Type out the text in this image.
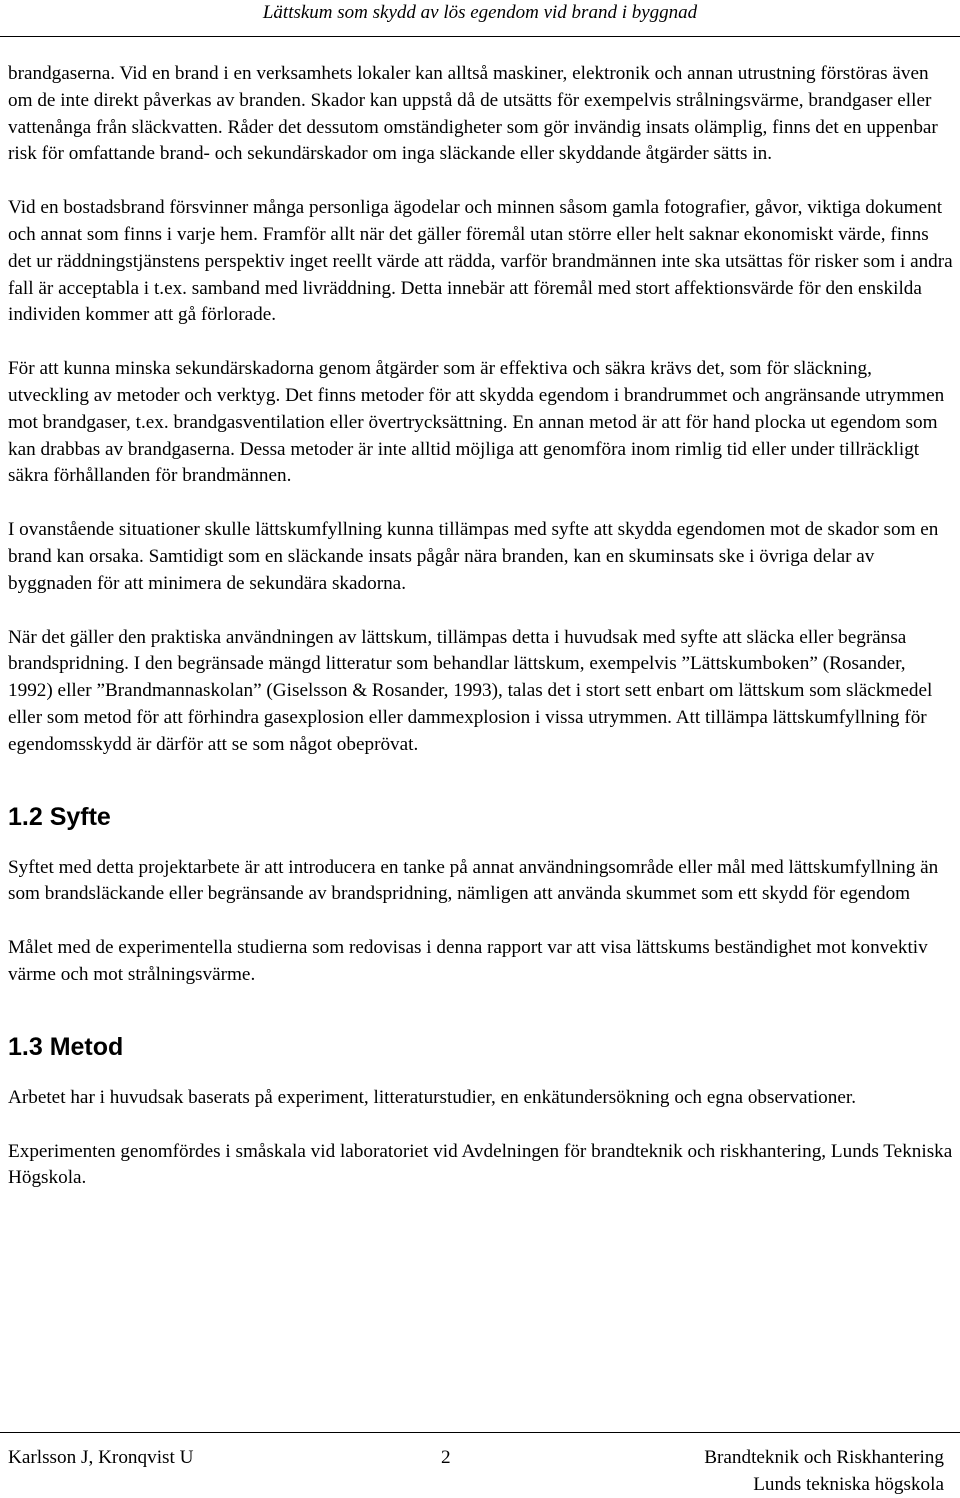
Lättskum som skydd av lös egendom vid brand i byggnad

brandgaserna. Vid en brand i en verksamhets lokaler kan alltså maskiner, elektronik och annan utrustning förstöras även om de inte direkt påverkas av branden. Skador kan uppstå då de utsätts för exempelvis strålningsvärme, brandgaser eller vattenånga från släckvatten. Råder det dessutom omständigheter som gör invändig insats olämplig, finns det en uppenbar risk för omfattande brand- och sekundärskador om inga släckande eller skyddande åtgärder sätts in.

Vid en bostadsbrand försvinner många personliga ägodelar och minnen såsom gamla fotografier, gåvor, viktiga dokument och annat som finns i varje hem. Framför allt när det gäller föremål utan större eller helt saknar ekonomiskt värde, finns det ur räddningstjänstens perspektiv inget reellt värde att rädda, varför brandmännen inte ska utsättas för risker som i andra fall är acceptabla i t.ex. samband med livräddning. Detta innebär att föremål med stort affektionsvärde för den enskilda individen kommer att gå förlorade.

För att kunna minska sekundärskadorna genom åtgärder som är effektiva och säkra krävs det, som för släckning, utveckling av metoder och verktyg. Det finns metoder för att skydda egendom i brandrummet och angränsande utrymmen mot brandgaser, t.ex. brandgasventilation eller övertrycksättning. En annan metod är att för hand plocka ut egendom som kan drabbas av brandgaserna. Dessa metoder är inte alltid möjliga att genomföra inom rimlig tid eller under tillräckligt säkra förhållanden för brandmännen.

I ovanstående situationer skulle lättskumfyllning kunna tillämpas med syfte att skydda egendomen mot de skador som en brand kan orsaka. Samtidigt som en släckande insats pågår nära branden, kan en skuminsats ske i övriga delar av byggnaden för att minimera de sekundära skadorna.

När det gäller den praktiska användningen av lättskum, tillämpas detta i huvudsak med syfte att släcka eller begränsa brandspridning. I den begränsade mängd litteratur som behandlar lättskum, exempelvis ”Lättskumboken” (Rosander, 1992) eller ”Brandmannaskolan” (Giselsson & Rosander, 1993), talas det i stort sett enbart om lättskum som släckmedel eller som metod för att förhindra gasexplosion eller dammexplosion i vissa utrymmen. Att tillämpa lättskumfyllning för egendomsskydd är därför att se som något obeprövat.

1.2 Syfte

Syftet med detta projektarbete är att introducera en tanke på annat användningsområde eller mål med lättskumfyllning än som brandsläckande eller begränsande av brandspridning, nämligen att använda skummet som ett skydd för egendom

Målet med de experimentella studierna som redovisas i denna rapport var att visa lättskums beständighet mot konvektiv värme och mot strålningsvärme.

1.3 Metod

Arbetet har i huvudsak baserats på experiment, litteraturstudier, en enkätundersökning och egna observationer.

Experimenten genomfördes i småskala vid laboratoriet vid Avdelningen för brandteknik och riskhantering, Lunds Tekniska Högskola.

Karlsson J, Kronqvist U	2	Brandteknik och Riskhantering
Lunds tekniska högskola
